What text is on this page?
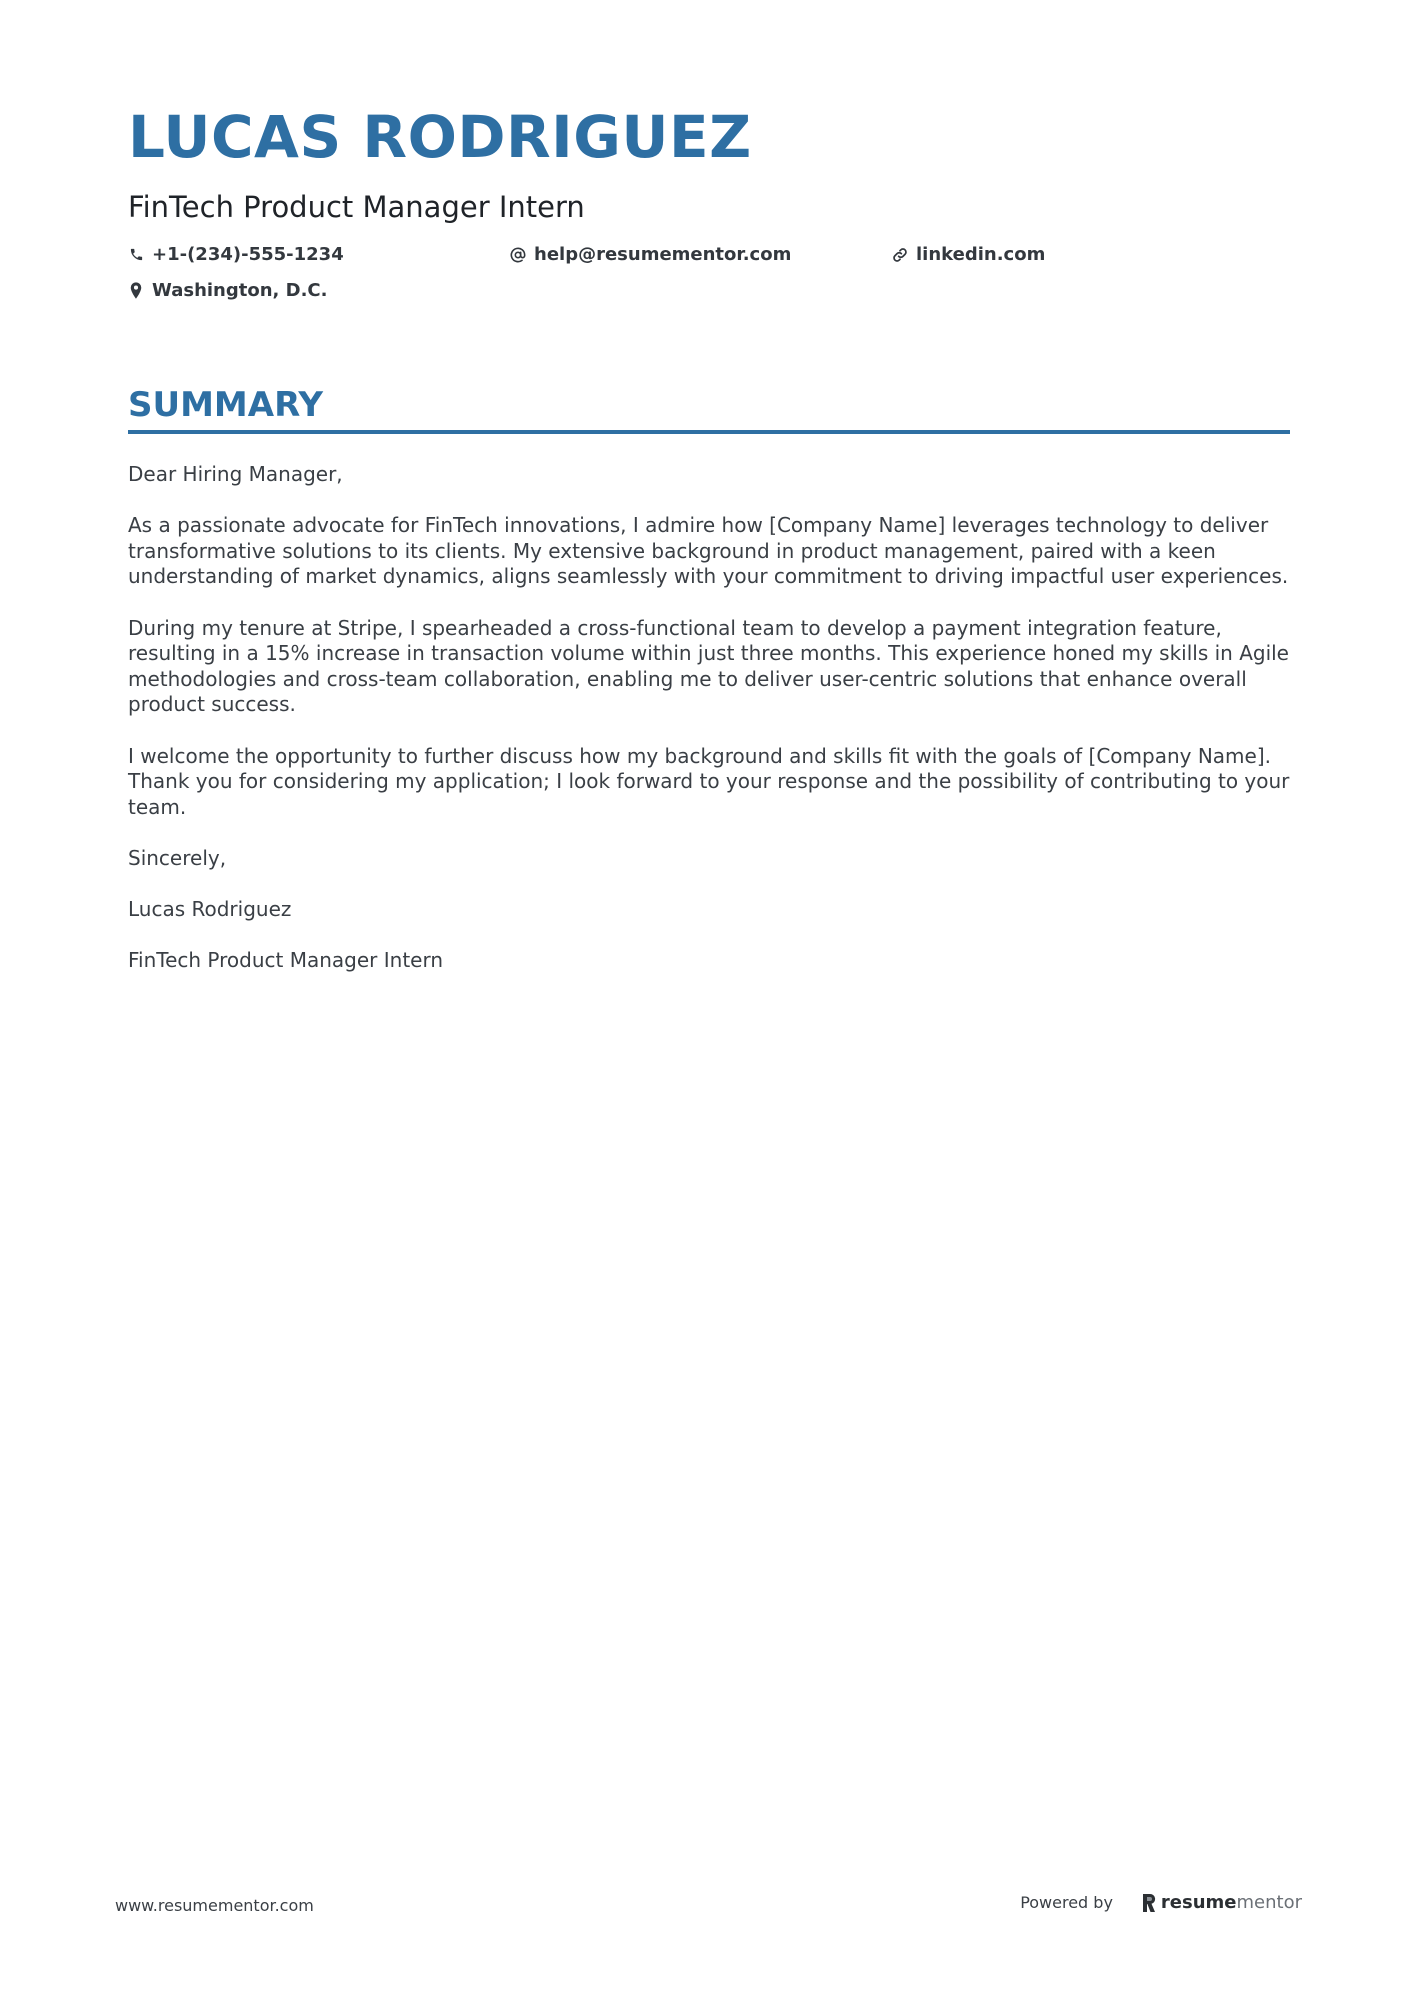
LUCAS RODRIGUEZ
FinTech Product Manager Intern
+1-(234)-555-1234	help@resumementor.com	linkedin.com
Washington, D.C.
SUMMARY

Dear Hiring Manager,

As a passionate advocate for FinTech innovations, I admire how [Company Name] leverages technology to deliver transformative solutions to its clients. My extensive background in product management, paired with a keen understanding of market dynamics, aligns seamlessly with your commitment to driving impactful user experiences.

During my tenure at Stripe, I spearheaded a cross-functional team to develop a payment integration feature, resulting in a 15% increase in transaction volume within just three months. This experience honed my skills in Agile methodologies and cross-team collaboration, enabling me to deliver user-centric solutions that enhance overall product success.

I welcome the opportunity to further discuss how my background and skills fit with the goals of [Company Name]. Thank you for considering my application; I look forward to your response and the possibility of contributing to your team.

Sincerely,

Lucas Rodriguez

FinTech Product Manager Intern

www.resumementor.com	Powered by	resume mentor
